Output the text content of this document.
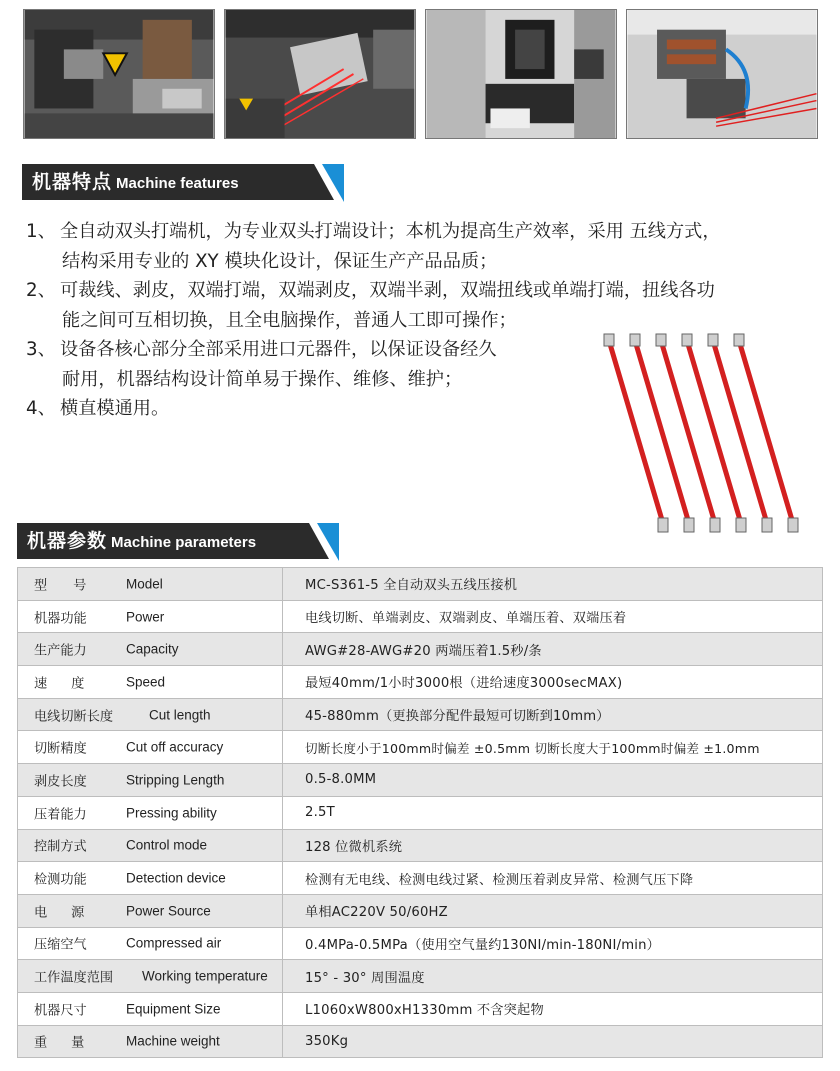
机器特点 Machine features
1、 全自动双头打端机，为专业双头打端设计；本机为提高生产效率，采用 五线方式，
结构采用专业的 XY 模块化设计，保证生产产品品质；
2、 可裁线、剥皮，双端打端，双端剥皮，双端半剥，双端扭线或单端打端，扭线各功
能之间可互相切换，且全电脑操作，普通人工即可操作；
3、 设备各核心部分全部采用进口元器件，以保证设备经久
耐用，机器结构设计简单易于操作、维修、维护；
4、 横直模通用。
机器参数 Machine parameters
型号 Model	MC-S361-5 全自动双头五线压接机

机器功能 Power	电线切断、单端剥皮、双端剥皮、单端压着、双端压着

生产能力 Capacity	AWG#28-AWG#20 两端压着1.5秒/条

速度 Speed	最短40mm/1小时3000根（进给速度3000secMAX)

电线切断长度 Cut length	45-880mm（更换部分配件最短可切断到10mm）

切断精度 Cut off accuracy	切断长度小于100mm时偏差 ±0.5mm 切断长度大于100mm时偏差 ±1.0mm

剥皮长度 Stripping Length	0.5-8.0MM

压着能力 Pressing ability	2.5T

控制方式 Control mode	128 位微机系统

检测功能 Detection device	检测有无电线、检测电线过紧、检测压着剥皮异常、检测气压下降

电源 Power Source	单相AC220V 50/60HZ

压缩空气 Compressed air	0.4MPa-0.5MPa（使用空气量约130NI/min-180NI/min）

工作温度范围 Working temperature	15° - 30° 周围温度

机器尺寸 Equipment Size	L1060xW800xH1330mm 不含突起物

重量 Machine weight	350Kg
